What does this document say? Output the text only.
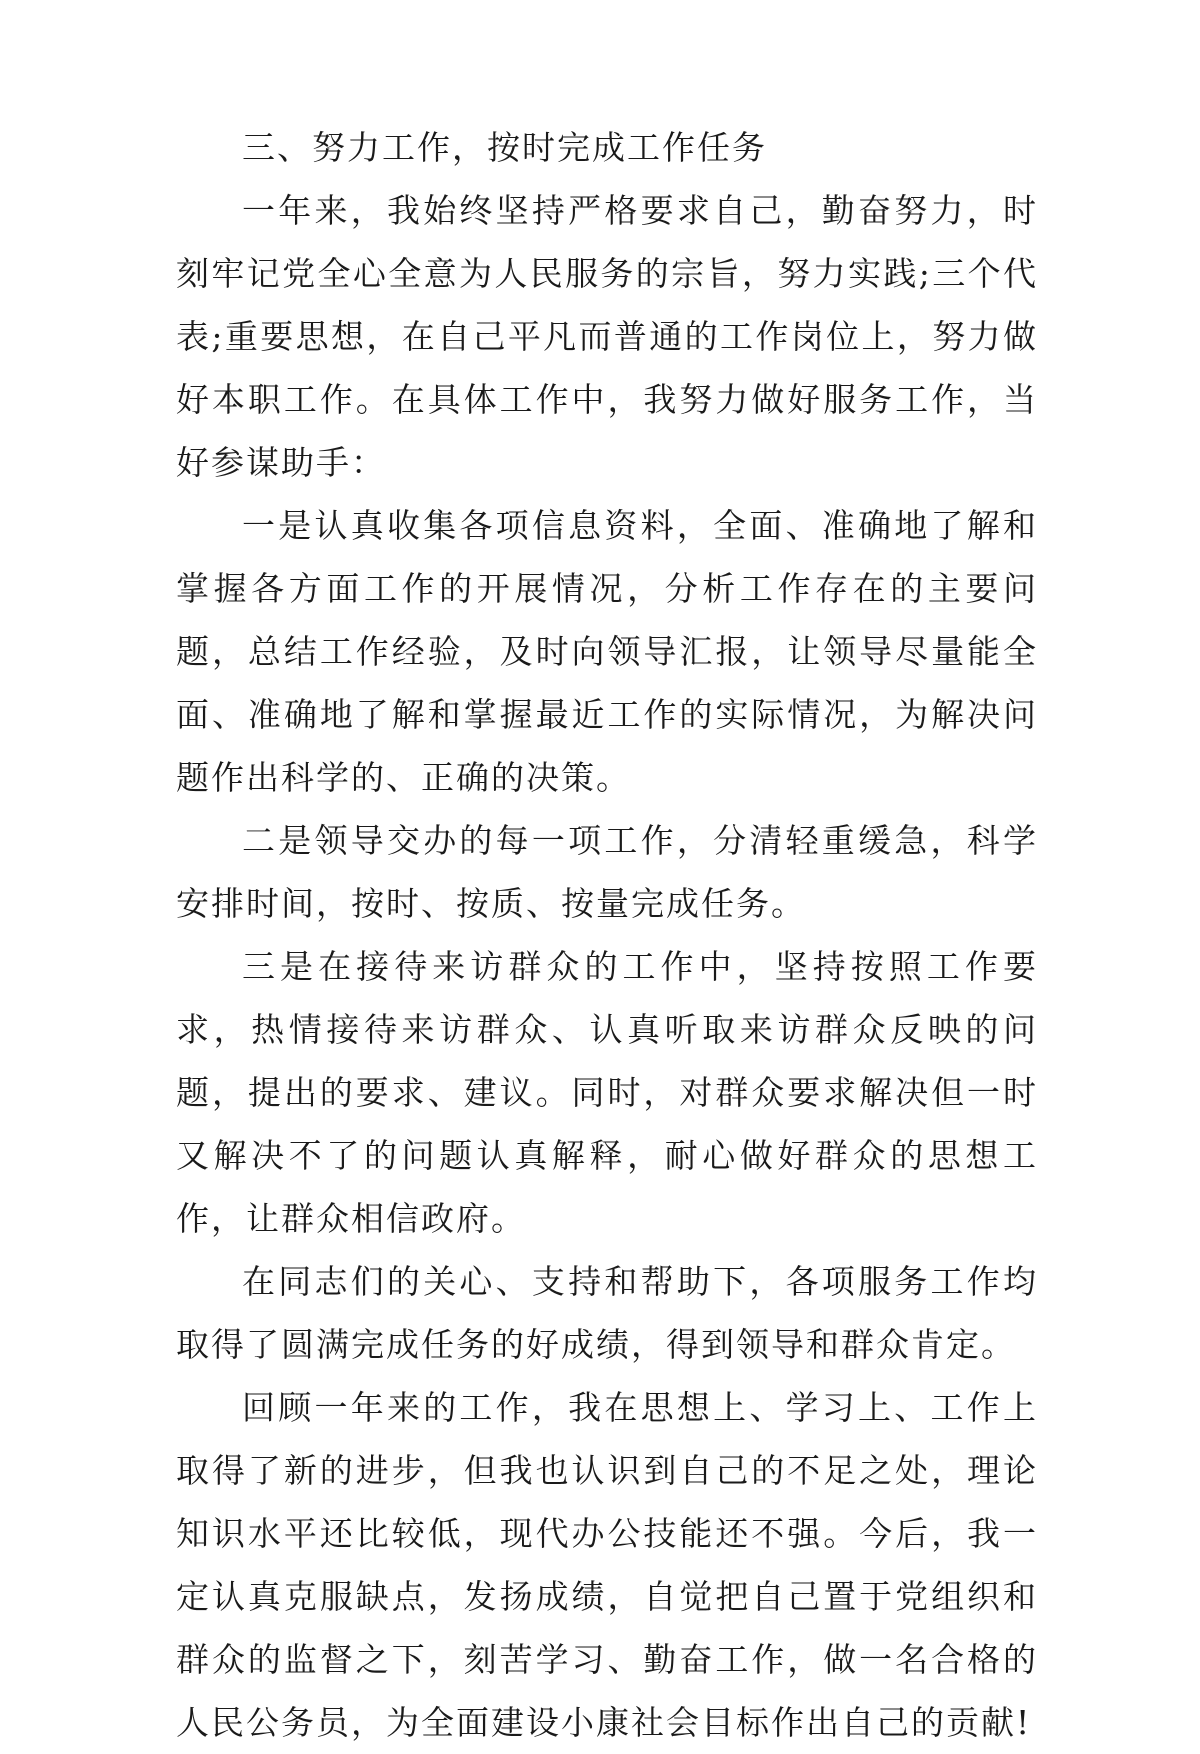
三、努力工作，按时完成工作任务

一年来，我始终坚持严格要求自己，勤奋努力，时刻牢记党全心全意为人民服务的宗旨，努力实践;三个代表;重要思想，在自己平凡而普通的工作岗位上，努力做好本职工作。在具体工作中，我努力做好服务工作，当好参谋助手：

一是认真收集各项信息资料，全面、准确地了解和掌握各方面工作的开展情况，分析工作存在的主要问题，总结工作经验，及时向领导汇报，让领导尽量能全面、准确地了解和掌握最近工作的实际情况，为解决问题作出科学的、正确的决策。

二是领导交办的每一项工作，分清轻重缓急，科学安排时间，按时、按质、按量完成任务。

三是在接待来访群众的工作中，坚持按照工作要求，热情接待来访群众、认真听取来访群众反映的问题，提出的要求、建议。同时，对群众要求解决但一时又解决不了的问题认真解释，耐心做好群众的思想工作，让群众相信政府。

在同志们的关心、支持和帮助下，各项服务工作均取得了圆满完成任务的好成绩，得到领导和群众肯定。

回顾一年来的工作，我在思想上、学习上、工作上取得了新的进步，但我也认识到自己的不足之处，理论知识水平还比较低，现代办公技能还不强。今后，我一定认真克服缺点，发扬成绩，自觉把自己置于党组织和群众的监督之下，刻苦学习、勤奋工作，做一名合格的人民公务员，为全面建设小康社会目标作出自己的贡献!
